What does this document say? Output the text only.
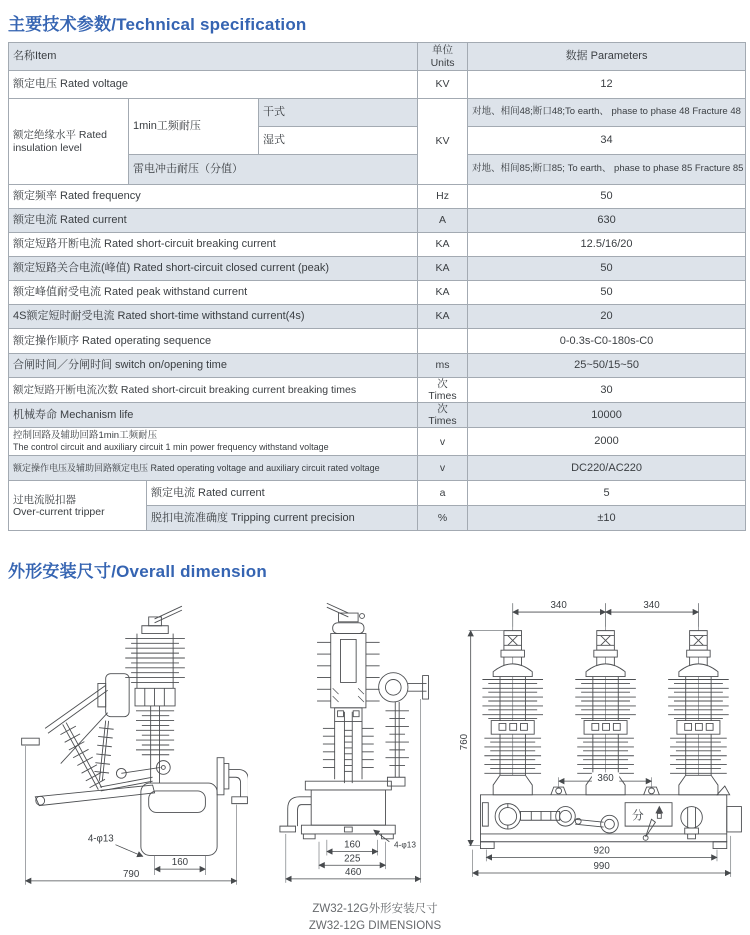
主要技术参数/Technical specification
名称Item				单位Units	数据 Parameters
额定电压 Rated voltage				KV	12
额定绝缘水平 Rated insulation level	1min工频耐压		干式	KV	对地、相间48;断口48;To earth、 phase to phase 48 Fracture 48
			湿式		34
	雷电冲击耐压（分值）				对地、相间85;断口85; To earth、 phase to phase 85 Fracture 85
额定频率 Rated frequency				Hz	50
额定电流 Rated current				A	630
额定短路开断电流 Rated short-circuit breaking current				KA	12.5/16/20
额定短路关合电流(峰值) Rated short-circuit closed current (peak)				KA	50
额定峰值耐受电流 Rated peak withstand current				KA	50
4S额定短时耐受电流 Rated short-time withstand current(4s)				KA	20
额定操作顺序 Rated operating sequence					0-0.3s-C0-180s-C0
合闸时间／分闸时间 switch on/opening time				ms	25~50/15~50
额定短路开断电流次数 Rated short-circuit breaking current breaking times				次 Times	30
机械寿命 Mechanism life				次 Times	10000

控制回路及辅助回路1min工频耐压
The control circuit and auxiliary circuit 1 min power frequency withstand voltage				v	2000
额定操作电压及辅助回路额定电压 Rated operating voltage and auxiliary circuit rated voltage				v	DC220/AC220

过电流脱扣器
Over-current tripper		额定电流 Rated current		a	5
		脱扣电流准确度 Tripping current precision		%	±10
外形安装尺寸/Overall dimension
4-φ13
160
790
160	4-φ13
225
460
分
340	340
760
360
920
990
ZW32-12G外形安装尺寸
ZW32-12G DIMENSIONS
